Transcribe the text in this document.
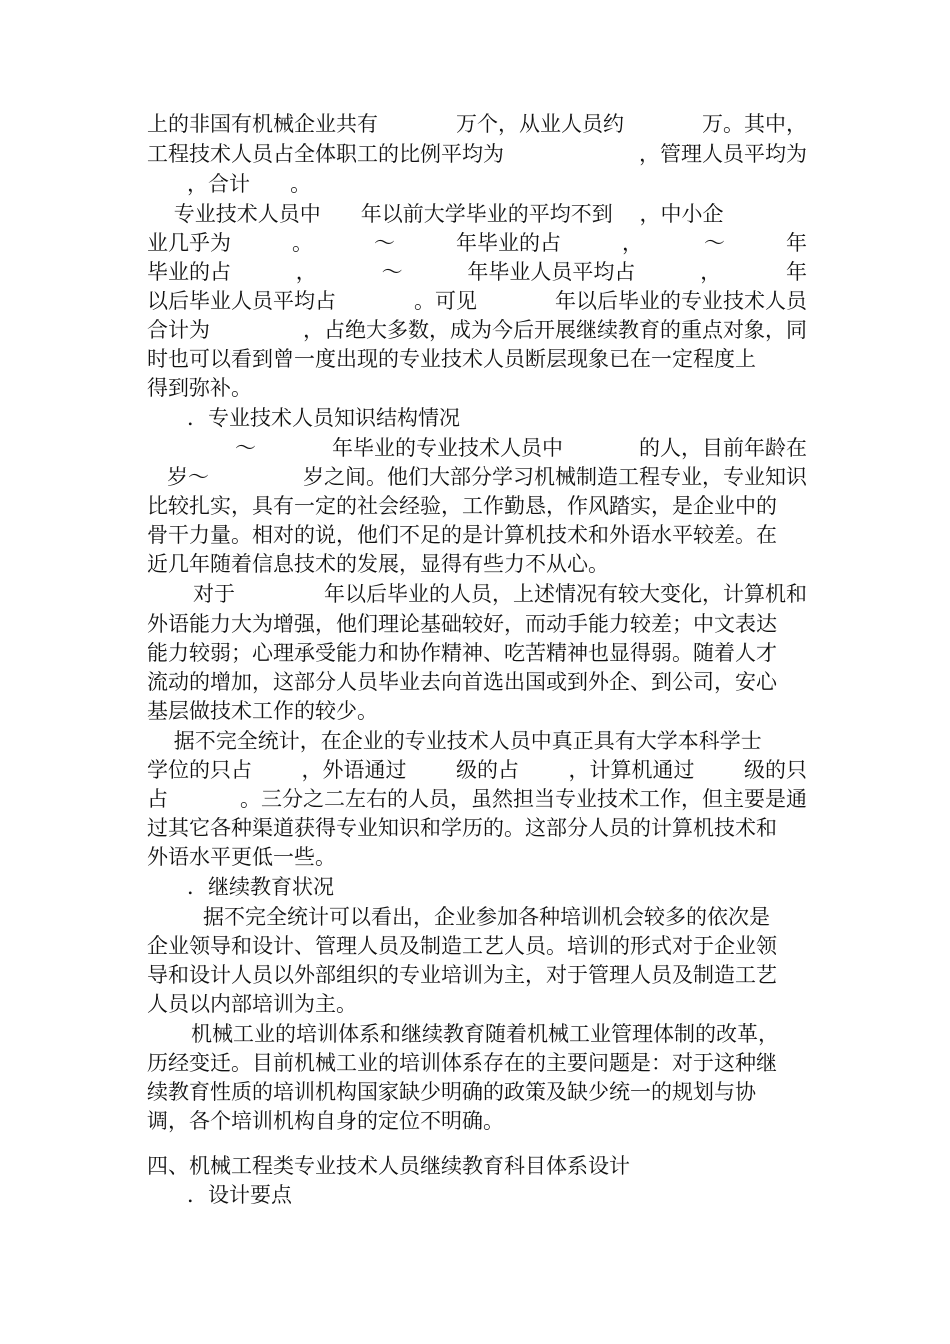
上的非国有机械企业共有	万个，从业人员约	万。其中，
工程技术人员占全体职工的比例平均为	，管理人员平均为
，合计      。
专业技术人员中      年以前大学毕业的平均不到    ，中小企
业几乎为	。	～	年毕业的占	，	～	年
毕业的占	，	～	年毕业人员平均占	，	年
以后毕业人员平均占	。可见	年以后毕业的专业技术人员
合计为	，占绝大多数，成为今后开展继续教育的重点对象，同
时也可以看到曾一度出现的专业技术人员断层现象已在一定程度上
得到弥补。
．专业技术人员知识结构情况
～	年毕业的专业技术人员中	的人，目前年龄在
岁～	岁之间。他们大部分学习机械制造工程专业，专业知识
比较扎实，具有一定的社会经验，工作勤恳，作风踏实，是企业中的
骨干力量。相对的说，他们不足的是计算机技术和外语水平较差。在
近几年随着信息技术的发展，显得有些力不从心。
对于	年以后毕业的人员，上述情况有较大变化，计算机和
外语能力大为增强，他们理论基础较好，而动手能力较差；中文表达
能力较弱；心理承受能力和协作精神、吃苦精神也显得弱。随着人才
流动的增加，这部分人员毕业去向首选出国或到外企、到公司，安心
基层做技术工作的较少。
据不完全统计，在企业的专业技术人员中真正具有大学本科学士
学位的只占 ，外语通过 级的占 ，计算机通过 级的只
占	。三分之二左右的人员，虽然担当专业技术工作，但主要是通
过其它各种渠道获得专业知识和学历的。这部分人员的计算机技术和
外语水平更低一些。
．继续教育状况
据不完全统计可以看出，企业参加各种培训机会较多的依次是
企业领导和设计、管理人员及制造工艺人员。培训的形式对于企业领
导和设计人员以外部组织的专业培训为主，对于管理人员及制造工艺
人员以内部培训为主。
机械工业的培训体系和继续教育随着机械工业管理体制的改革，
历经变迁。目前机械工业的培训体系存在的主要问题是：对于这种继
续教育性质的培训机构国家缺少明确的政策及缺少统一的规划与协
调，各个培训机构自身的定位不明确。
四、机械工程类专业技术人员继续教育科目体系设计
．设计要点
